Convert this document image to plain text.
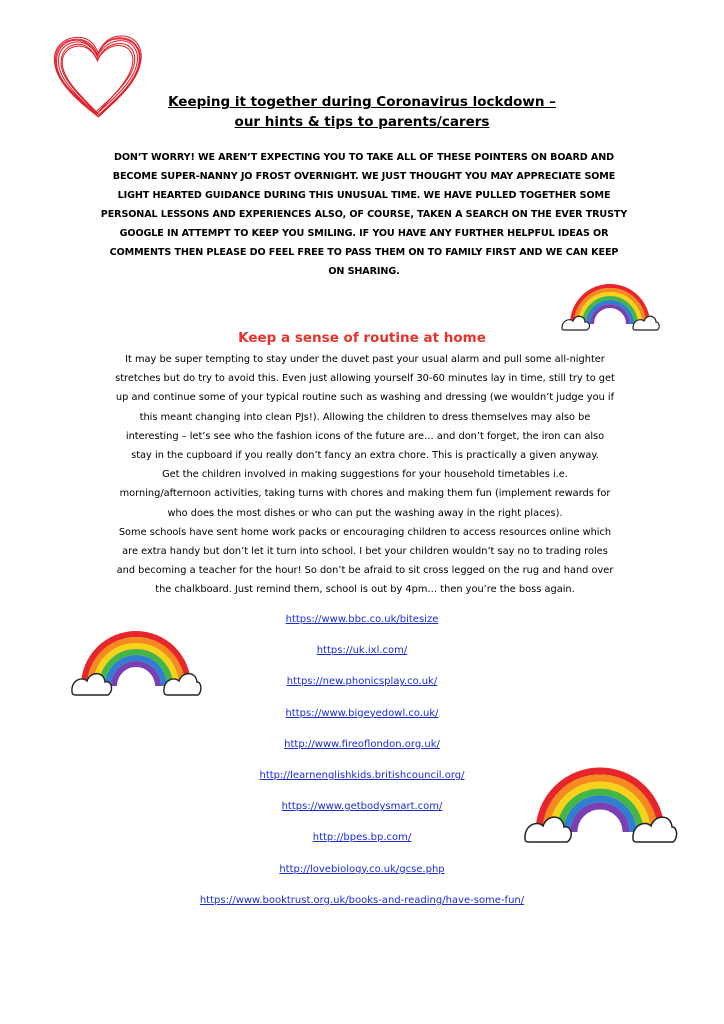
Keeping it together during Coronavirus lockdown –
our hints & tips to parents/carers
DON’T WORRY! WE AREN’T EXPECTING YOU TO TAKE ALL OF THESE POINTERS ON BOARD AND
BECOME SUPER-NANNY JO FROST OVERNIGHT. WE JUST THOUGHT YOU MAY APPRECIATE SOME
LIGHT HEARTED GUIDANCE DURING THIS UNUSUAL TIME. WE HAVE PULLED TOGETHER SOME
PERSONAL LESSONS AND EXPERIENCES ALSO, OF COURSE, TAKEN A SEARCH ON THE EVER TRUSTY
GOOGLE IN ATTEMPT TO KEEP YOU SMILING. IF YOU HAVE ANY FURTHER HELPFUL IDEAS OR
COMMENTS THEN PLEASE DO FEEL FREE TO PASS THEM ON TO FAMILY FIRST AND WE CAN KEEP
ON SHARING.
Keep a sense of routine at home
It may be super tempting to stay under the duvet past your usual alarm and pull some all-nighter
stretches but do try to avoid this. Even just allowing yourself 30-60 minutes lay in time, still try to get
up and continue some of your typical routine such as washing and dressing (we wouldn’t judge you if
this meant changing into clean PJs!). Allowing the children to dress themselves may also be
interesting – let’s see who the fashion icons of the future are… and don’t forget, the iron can also
stay in the cupboard if you really don’t fancy an extra chore. This is practically a given anyway.
Get the children involved in making suggestions for your household timetables i.e.
morning/afternoon activities, taking turns with chores and making them fun (implement rewards for
who does the most dishes or who can put the washing away in the right places).
Some schools have sent home work packs or encouraging children to access resources online which
are extra handy but don’t let it turn into school. I bet your children wouldn’t say no to trading roles
and becoming a teacher for the hour! So don’t be afraid to sit cross legged on the rug and hand over
the chalkboard. Just remind them, school is out by 4pm… then you’re the boss again.
https://www.bbc.co.uk/bitesize
https://uk.ixl.com/
https://new.phonicsplay.co.uk/
https://www.bigeyedowl.co.uk/
http://www.fireoflondon.org.uk/
http://learnenglishkids.britishcouncil.org/
https://www.getbodysmart.com/
http://bpes.bp.com/
http://lovebiology.co.uk/gcse.php
https://www.booktrust.org.uk/books-and-reading/have-some-fun/
